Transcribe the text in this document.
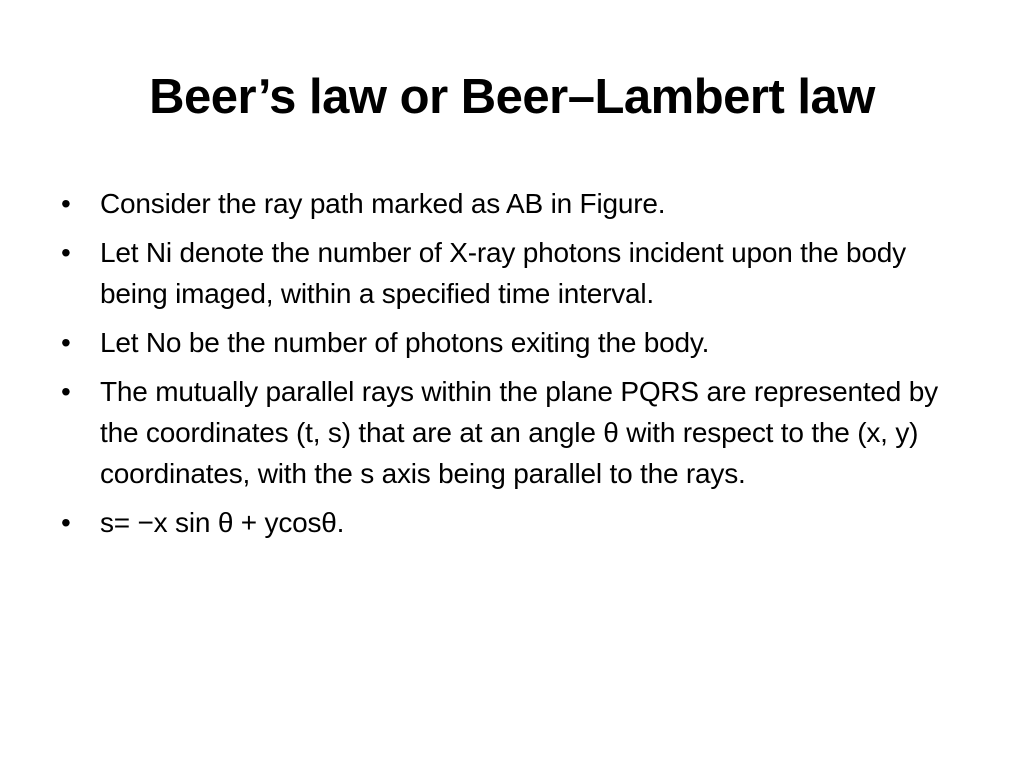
Beer’s law or Beer–Lambert law
• Consider the ray path marked as AB in Figure.
• Let Ni denote the number of X-ray photons incident upon the body being imaged, within a specified time interval.
• Let No be the number of photons exiting the body.
• The mutually parallel rays within the plane PQRS are represented by the coordinates (t, s) that are at an angle θ with respect to the (x, y) coordinates, with the s axis being parallel to the rays.
• s= −x sin θ + ycosθ.
